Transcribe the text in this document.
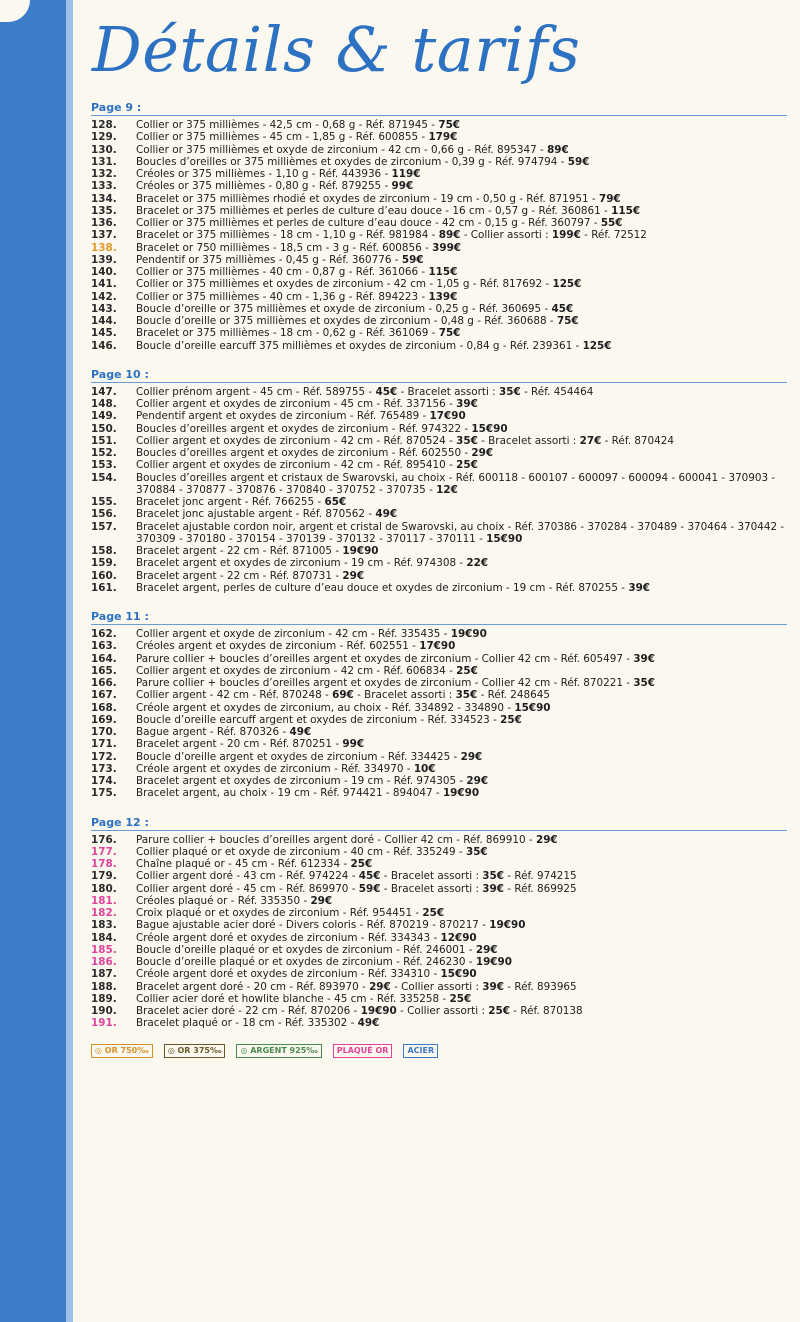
Détails & tarifs
Page 9 :
128.	Collier or 375 millièmes - 42,5 cm - 0,68 g - Réf. 871945 - 75€
129.	Collier or 375 millièmes - 45 cm - 1,85 g - Réf. 600855 - 179€
130.	Collier or 375 millièmes et oxyde de zirconium - 42 cm - 0,66 g - Réf. 895347 - 89€
131.	Boucles d’oreilles or 375 millièmes et oxydes de zirconium - 0,39 g - Réf. 974794 - 59€
132.	Créoles or 375 millièmes - 1,10 g - Réf. 443936 - 119€
133.	Créoles or 375 millièmes - 0,80 g - Réf. 879255 - 99€
134.	Bracelet or 375 millièmes rhodié et oxydes de zirconium - 19 cm - 0,50 g - Réf. 871951 - 79€
135.	Bracelet or 375 millièmes et perles de culture d’eau douce - 16 cm - 0,57 g - Réf. 360861 - 115€
136.	Collier or 375 millièmes et perles de culture d’eau douce - 42 cm - 0,15 g - Réf. 360797 - 55€
137.	Bracelet or 375 millièmes - 18 cm - 1,10 g - Réf. 981984 - 89€ - Collier assorti : 199€ - Réf. 72512
138.	Bracelet or 750 millièmes - 18,5 cm - 3 g - Réf. 600856 - 399€
139.	Pendentif or 375 millièmes - 0,45 g - Réf. 360776 - 59€
140.	Collier or 375 millièmes - 40 cm - 0,87 g - Réf. 361066 - 115€
141.	Collier or 375 millièmes et oxydes de zirconium - 42 cm - 1,05 g - Réf. 817692 - 125€
142.	Collier or 375 millièmes - 40 cm - 1,36 g - Réf. 894223 - 139€
143.	Boucle d’oreille or 375 millièmes et oxyde de zirconium - 0,25 g - Réf. 360695 - 45€
144.	Boucle d’oreille or 375 millièmes et oxydes de zirconium - 0,48 g - Réf. 360688 - 75€
145.	Bracelet or 375 millièmes - 18 cm - 0,62 g - Réf. 361069 - 75€
146.	Boucle d’oreille earcuff 375 millièmes et oxydes de zirconium - 0,84 g - Réf. 239361 - 125€
Page 10 :
147.	Collier prénom argent - 45 cm - Réf. 589755 - 45€ - Bracelet assorti : 35€ - Réf. 454464
148.	Collier argent et oxydes de zirconium - 45 cm - Réf. 337156 - 39€
149.	Pendentif argent et oxydes de zirconium - Réf. 765489 - 17€90
150.	Boucles d’oreilles argent et oxydes de zirconium - Réf. 974322 - 15€90
151.	Collier argent et oxydes de zirconium - 42 cm - Réf. 870524 - 35€ - Bracelet assorti : 27€ - Réf. 870424
152.	Boucles d’oreilles argent et oxydes de zirconium - Réf. 602550 - 29€
153.	Collier argent et oxydes de zirconium - 42 cm - Réf. 895410 - 25€
154.	Boucles d’oreilles argent et cristaux de Swarovski, au choix - Réf. 600118 - 600107 - 600097 - 600094 - 600041 - 370903 - 370884 - 370877 - 370876 - 370840 - 370752 - 370735 - 12€
155.	Bracelet jonc argent - Réf. 766255 - 65€
156.	Bracelet jonc ajustable argent - Réf. 870562 - 49€
157.	Bracelet ajustable cordon noir, argent et cristal de Swarovski, au choix - Réf. 370386 - 370284 - 370489 - 370464 - 370442 - 370309 - 370180 - 370154 - 370139 - 370132 - 370117 - 370111 - 15€90
158.	Bracelet argent - 22 cm - Réf. 871005 - 19€90
159.	Bracelet argent et oxydes de zirconium - 19 cm - Réf. 974308 - 22€
160.	Bracelet argent - 22 cm - Réf. 870731 - 29€
161.	Bracelet argent, perles de culture d’eau douce et oxydes de zirconium - 19 cm - Réf. 870255 - 39€
Page 11 :
162.	Collier argent et oxyde de zirconium - 42 cm - Réf. 335435 - 19€90
163.	Créoles argent et oxydes de zirconium - Réf. 602551 - 17€90
164.	Parure collier + boucles d’oreilles argent et oxydes de zirconium - Collier 42 cm - Réf. 605497 - 39€
165.	Collier argent et oxydes de zirconium - 42 cm - Réf. 606834 - 25€
166.	Parure collier + boucles d’oreilles argent et oxydes de zirconium - Collier 42 cm - Réf. 870221 - 35€
167.	Collier argent - 42 cm - Réf. 870248 - 69€ - Bracelet assorti : 35€ - Réf. 248645
168.	Créole argent et oxydes de zirconium, au choix - Réf. 334892 - 334890 - 15€90
169.	Boucle d’oreille earcuff argent et oxydes de zirconium - Réf. 334523 - 25€
170.	Bague argent - Réf. 870326 - 49€
171.	Bracelet argent - 20 cm - Réf. 870251 - 99€
172.	Boucle d’oreille argent et oxydes de zirconium - Réf. 334425 - 29€
173.	Créole argent et oxydes de zirconium - Réf. 334970 - 10€
174.	Bracelet argent et oxydes de zirconium - 19 cm - Réf. 974305 - 29€
175.	Bracelet argent, au choix - 19 cm - Réf. 974421 - 894047 - 19€90
Page 12 :
176.	Parure collier + boucles d’oreilles argent doré - Collier 42 cm - Réf. 869910 - 29€
177.	Collier plaqué or et oxyde de zirconium - 40 cm - Réf. 335249 - 35€
178.	Chaîne plaqué or - 45 cm - Réf. 612334 - 25€
179.	Collier argent doré - 43 cm - Réf. 974224 - 45€ - Bracelet assorti : 35€ - Réf. 974215
180.	Collier argent doré - 45 cm - Réf. 869970 - 59€ - Bracelet assorti : 39€ - Réf. 869925
181.	Créoles plaqué or - Réf. 335350 - 29€
182.	Croix plaqué or et oxydes de zirconium - Réf. 954451 - 25€
183.	Bague ajustable acier doré - Divers coloris - Réf. 870219 - 870217 - 19€90
184.	Créole argent doré et oxydes de zirconium - Réf. 334343 - 12€90
185.	Boucle d’oreille plaqué or et oxydes de zirconium - Réf. 246001 - 29€
186.	Boucle d’oreille plaqué or et oxydes de zirconium - Réf. 246230 - 19€90
187.	Créole argent doré et oxydes de zirconium - Réf. 334310 - 15€90
188.	Bracelet argent doré - 20 cm - Réf. 893970 - 29€ - Collier assorti : 39€ - Réf. 893965
189.	Collier acier doré et howlite blanche - 45 cm - Réf. 335258 - 25€
190.	Bracelet acier doré - 22 cm - Réf. 870206 - 19€90 - Collier assorti : 25€ - Réf. 870138
191.	Bracelet plaqué or - 18 cm - Réf. 335302 - 49€
◎ OR 750‰	◎ OR 375‰	◎ ARGENT 925‰	PLAQUÉ OR	ACIER
